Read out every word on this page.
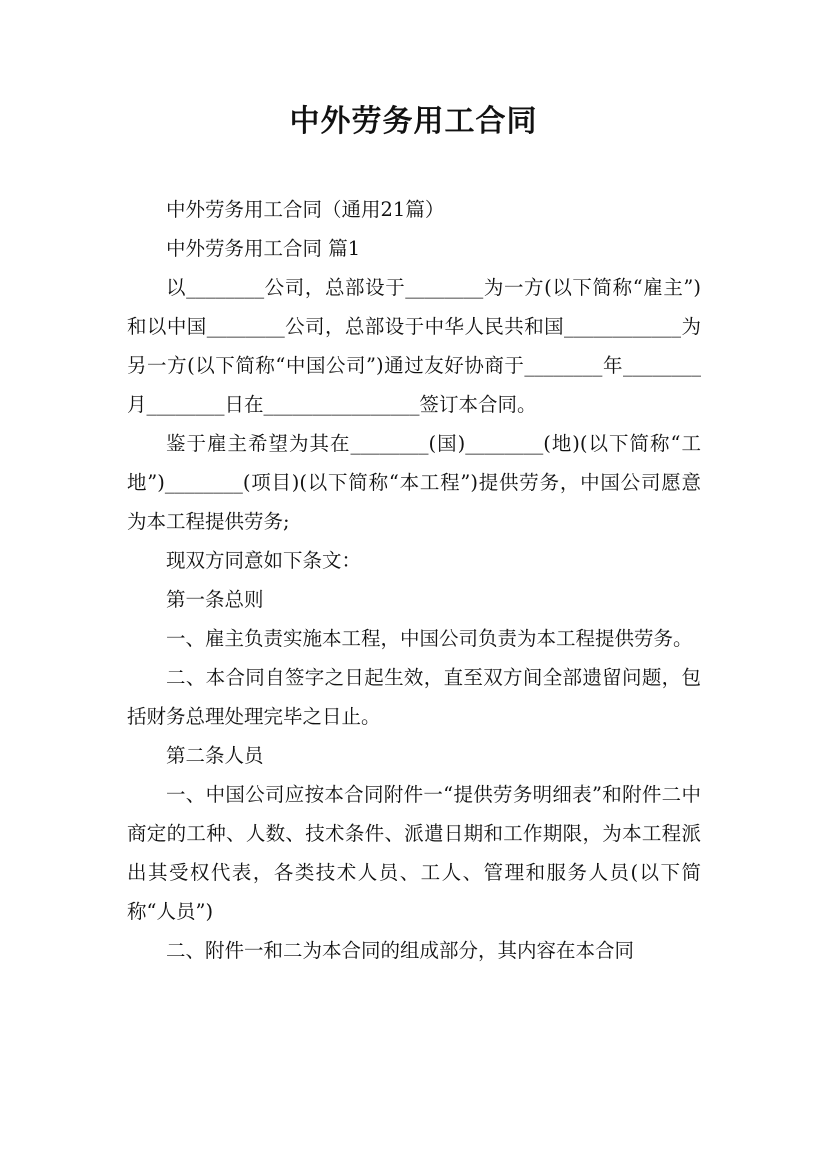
中外劳务用工合同

中外劳务用工合同（通用21篇）

中外劳务用工合同 篇1

以________公司，总部设于________为一方(以下简称“雇主”)和以中国________公司，总部设于中华人民共和国____________为另一方(以下简称“中国公司”)通过友好协商于________年________月________日在________________签订本合同。

鉴于雇主希望为其在________(国)________(地)(以下简称“工地”)________(项目)(以下简称“本工程”)提供劳务，中国公司愿意为本工程提供劳务;

现双方同意如下条文：

第一条总则

一、雇主负责实施本工程，中国公司负责为本工程提供劳务。

二、本合同自签字之日起生效，直至双方间全部遗留问题，包括财务总理处理完毕之日止。

第二条人员

一、中国公司应按本合同附件一“提供劳务明细表”和附件二中商定的工种、人数、技术条件、派遣日期和工作期限，为本工程派出其受权代表，各类技术人员、工人、管理和服务人员(以下简称“人员”)

二、附件一和二为本合同的组成部分，其内容在本合同
